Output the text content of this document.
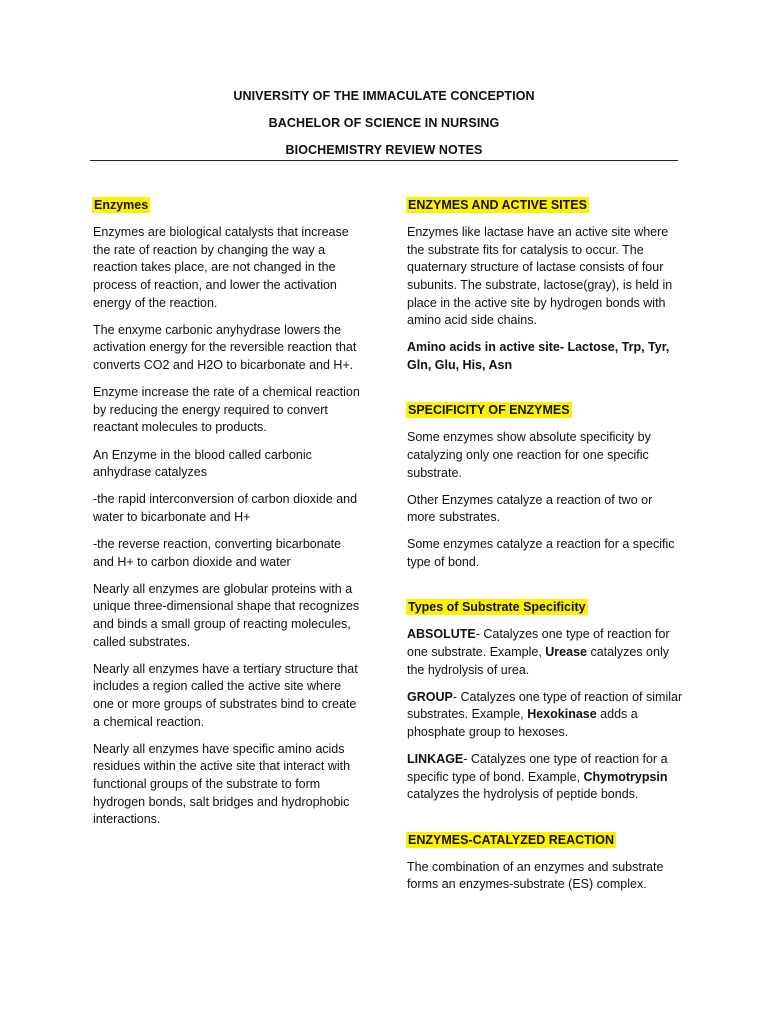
UNIVERSITY OF THE IMMACULATE CONCEPTION
BACHELOR OF SCIENCE IN NURSING
BIOCHEMISTRY REVIEW NOTES

Enzymes

Enzymes are biological catalysts that increase the rate of reaction by changing the way a reaction takes place, are not changed in the process of reaction, and lower the activation energy of the reaction.

The enxyme carbonic anyhydrase lowers the activation energy for the reversible reaction that converts CO2 and H2O to bicarbonate and H+.

Enzyme increase the rate of a chemical reaction by reducing the energy required to convert reactant molecules to products.

An Enzyme in the blood called carbonic anhydrase catalyzes

-the rapid interconversion of carbon dioxide and water to bicarbonate and H+

-the reverse reaction, converting bicarbonate and H+ to carbon dioxide and water

Nearly all enzymes are globular proteins with a unique three-dimensional shape that recognizes and binds a small group of reacting molecules, called substrates.

Nearly all enzymes have a tertiary structure that includes a region called the active site where one or more groups of substrates bind to create a chemical reaction.

Nearly all enzymes have specific amino acids residues within the active site that interact with functional groups of the substrate to form hydrogen bonds, salt bridges and hydrophobic interactions.

ENZYMES AND ACTIVE SITES

Enzymes like lactase have an active site where the substrate fits for catalysis to occur. The quaternary structure of lactase consists of four subunits. The substrate, lactose(gray), is held in place in the active site by hydrogen bonds with amino acid side chains.

Amino acids in active site- Lactose, Trp, Tyr, Gln, Glu, His, Asn

SPECIFICITY OF ENZYMES

Some enzymes show absolute specificity by catalyzing only one reaction for one specific substrate.

Other Enzymes catalyze a reaction of two or more substrates.

Some enzymes catalyze a reaction for a specific type of bond.

Types of Substrate Specificity

ABSOLUTE- Catalyzes one type of reaction for one substrate. Example, Urease catalyzes only the hydrolysis of urea.

GROUP- Catalyzes one type of reaction of similar substrates. Example, Hexokinase adds a phosphate group to hexoses.

LINKAGE- Catalyzes one type of reaction for a specific type of bond. Example, Chymotrypsin catalyzes the hydrolysis of peptide bonds.

ENZYMES-CATALYZED REACTION

The combination of an enzymes and substrate forms an enzymes-substrate (ES) complex.
